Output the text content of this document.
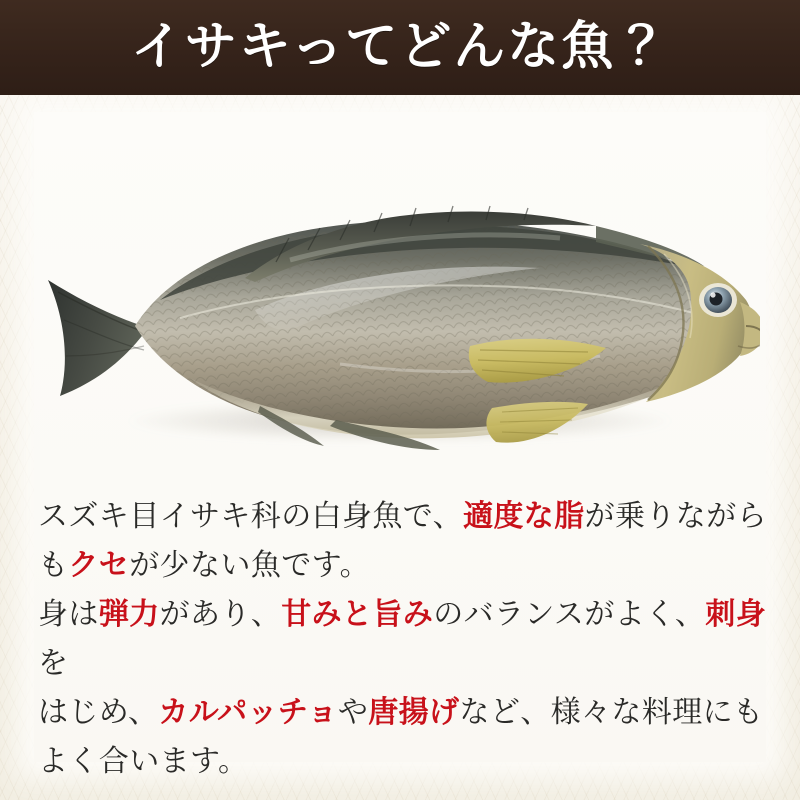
イサキってどんな魚？

スズキ目イサキ科の白身魚で、適度な脂が乗りながら

もクセが少ない魚です。

身は弾力があり、甘みと旨みのバランスがよく、刺身を

はじめ、カルパッチョや唐揚げなど、様々な料理にも

よく合います。
